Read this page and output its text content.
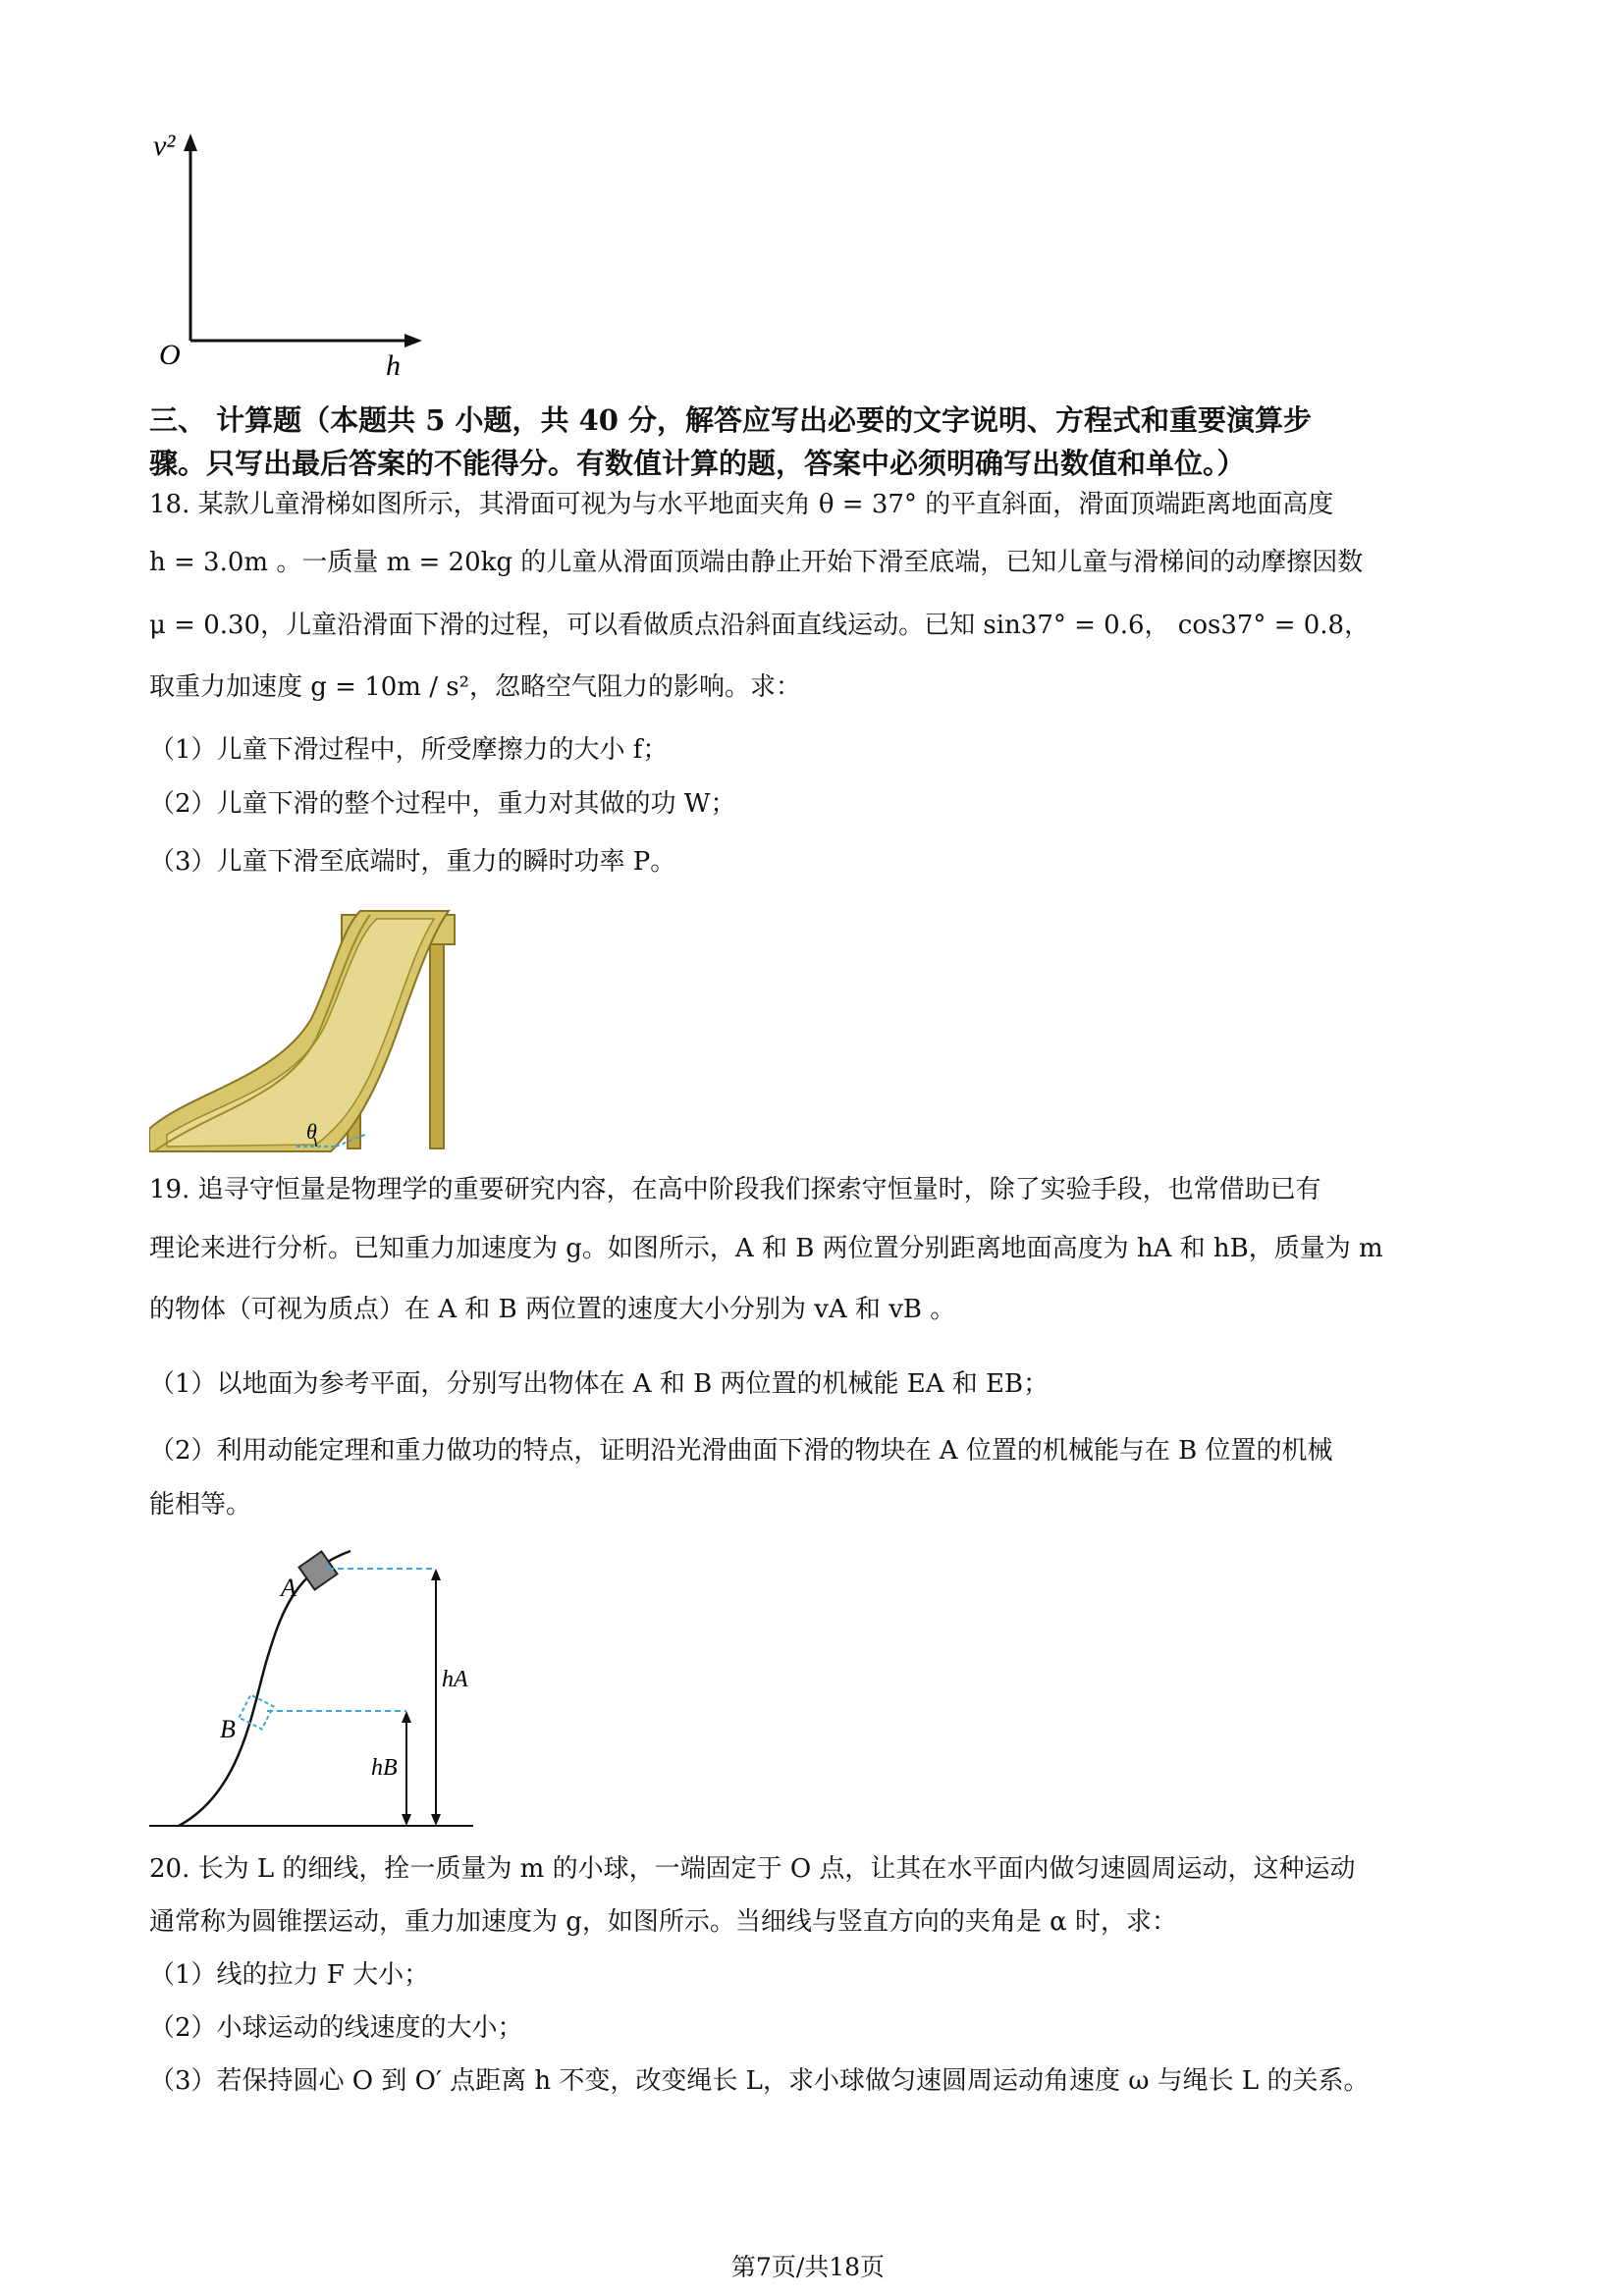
v²
O	h
三、 计算题（本题共 5 小题，共 40 分，解答应写出必要的文字说明、方程式和重要演算步
骤。只写出最后答案的不能得分。有数值计算的题，答案中必须明确写出数值和单位。）
18. 某款儿童滑梯如图所示，其滑面可视为与水平地面夹角 θ = 37° 的平直斜面，滑面顶端距离地面高度
h = 3.0m 。一质量 m = 20kg 的儿童从滑面顶端由静止开始下滑至底端，已知儿童与滑梯间的动摩擦因数
μ = 0.30，儿童沿滑面下滑的过程，可以看做质点沿斜面直线运动。已知 sin37° = 0.6， cos37° = 0.8，
取重力加速度 g = 10m / s²，忽略空气阻力的影响。求：
（1）儿童下滑过程中，所受摩擦力的大小 f；
（2）儿童下滑的整个过程中，重力对其做的功 W；
（3）儿童下滑至底端时，重力的瞬时功率 P。
θ
19. 追寻守恒量是物理学的重要研究内容，在高中阶段我们探索守恒量时，除了实验手段，也常借助已有
理论来进行分析。已知重力加速度为 g。如图所示，A 和 B 两位置分别距离地面高度为 hA 和 hB，质量为 m
的物体（可视为质点）在 A 和 B 两位置的速度大小分别为 vA 和 vB 。
（1）以地面为参考平面，分别写出物体在 A 和 B 两位置的机械能 EA 和 EB；
（2）利用动能定理和重力做功的特点，证明沿光滑曲面下滑的物块在 A 位置的机械能与在 B 位置的机械
能相等。
A
B
hA
hB
20. 长为 L 的细线，拴一质量为 m 的小球，一端固定于 O 点，让其在水平面内做匀速圆周运动，这种运动
通常称为圆锥摆运动，重力加速度为 g，如图所示。当细线与竖直方向的夹角是 α 时，求：
（1）线的拉力 F 大小；
（2）小球运动的线速度的大小；
（3）若保持圆心 O 到 O′ 点距离 h 不变，改变绳长 L，求小球做匀速圆周运动角速度 ω 与绳长 L 的关系。
第7页/共18页
